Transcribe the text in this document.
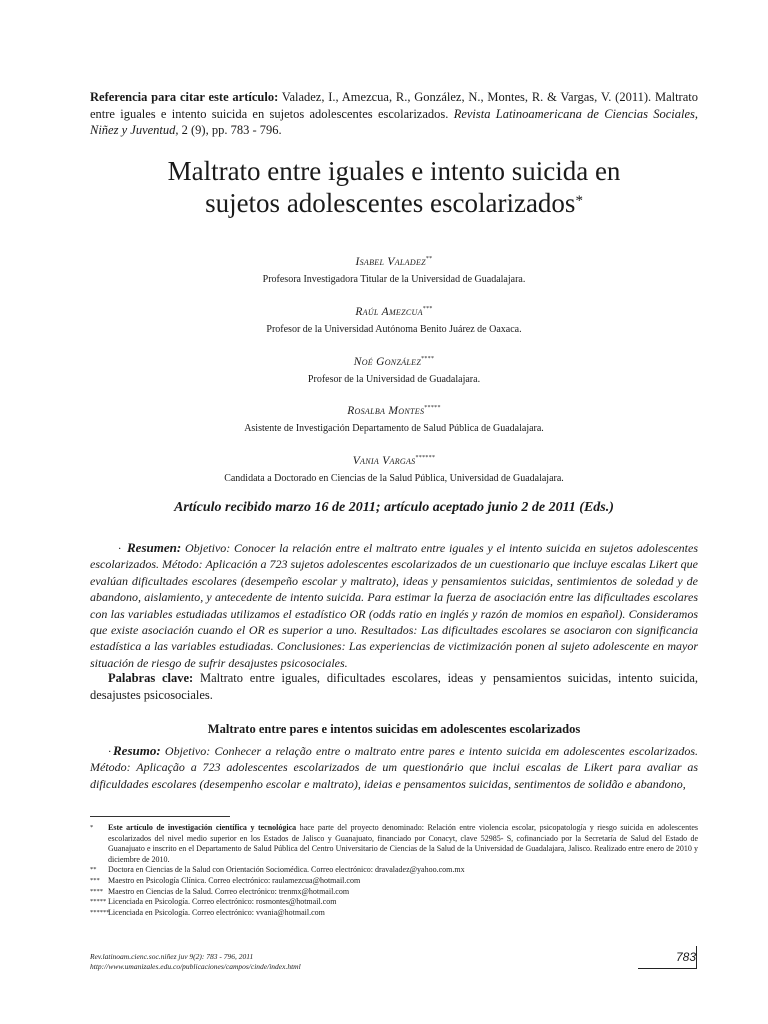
Referencia para citar este artículo: Valadez, I., Amezcua, R., González, N., Montes, R. & Vargas, V. (2011). Maltrato entre iguales e intento suicida en sujetos adolescentes escolarizados. Revista Latinoamericana de Ciencias Sociales, Niñez y Juventud, 2 (9), pp. 783 - 796.

Maltrato entre iguales e intento suicida en
sujetos adolescentes escolarizados*
Isabel Valadez**
Profesora Investigadora Titular de la Universidad de Guadalajara.
Raúl Amezcua***
Profesor de la Universidad Autónoma Benito Juárez de Oaxaca.
Noé González****
Profesor de la Universidad de Guadalajara.
Rosalba Montes*****
Asistente de Investigación Departamento de Salud Pública de Guadalajara.
Vania Vargas******
Candidata a Doctorado en Ciencias de la Salud Pública, Universidad de Guadalajara.
Artículo recibido marzo 16 de 2011; artículo aceptado junio 2 de 2011 (Eds.)

· Resumen: Objetivo: Conocer la relación entre el maltrato entre iguales y el intento suicida en sujetos adolescentes escolarizados. Método: Aplicación a 723 sujetos adolescentes escolarizados de un cuestionario que incluye escalas Likert que evalúan dificultades escolares (desempeño escolar y maltrato), ideas y pensamientos suicidas, sentimientos de soledad y de abandono, aislamiento, y antecedente de intento suicida. Para estimar la fuerza de asociación entre las dificultades escolares con las variables estudiadas utilizamos el estadístico OR (odds ratio en inglés y razón de momios en español). Consideramos que existe asociación cuando el OR es superior a uno. Resultados: Las dificultades escolares se asociaron con significancia estadística a las variables estudiadas. Conclusiones: Las experiencias de victimización ponen al sujeto adolescente en mayor situación de riesgo de sufrir desajustes psicosociales.

Palabras clave: Maltrato entre iguales, dificultades escolares, ideas y pensamientos suicidas, intento suicida, desajustes psicosociales.

Maltrato entre pares e intentos suicidas em adolescentes escolarizados

· Resumo: Objetivo: Conhecer a relação entre o maltrato entre pares e intento suicida em adolescentes escolarizados. Método: Aplicação a 723 adolescentes escolarizados de um questionário que inclui escalas de Likert para avaliar as dificuldades escolares (desempenho escolar e maltrato), ideias e pensamentos suicidas, sentimentos de solidão e abandono,

* Este artículo de investigación científica y tecnológica hace parte del proyecto denominado: Relación entre violencia escolar, psicopatología y riesgo suicida en adolescentes escolarizados del nivel medio superior en los Estados de Jalisco y Guanajuato, financiado por Conacyt, clave 52985- S, cofinanciado por la Secretaría de Salud del Estado de Guanajuato e inscrito en el Departamento de Salud Pública del Centro Universitario de Ciencias de la Salud de la Universidad de Guadalajara, Jalisco. Realizado entre enero de 2010 y diciembre de 2010.
** Doctora en Ciencias de la Salud con Orientación Sociomédica. Correo electrónico: dravaladez@yahoo.com.mx
*** Maestro en Psicología Clínica. Correo electrónico: raulamezcua@hotmail.com
**** Maestro en Ciencias de la Salud. Correo electrónico: trenmx@hotmail.com
***** Licenciada en Psicología. Correo electrónico: rosmontes@hotmail.com
******
Licenciada en Psicología. Correo electrónico: vvania@hotmail.com
Rev.latinoam.cienc.soc.niñez juv 9(2): 783 - 796, 2011
http://www.umanizales.edu.co/publicaciones/campos/cinde/index.html
783
